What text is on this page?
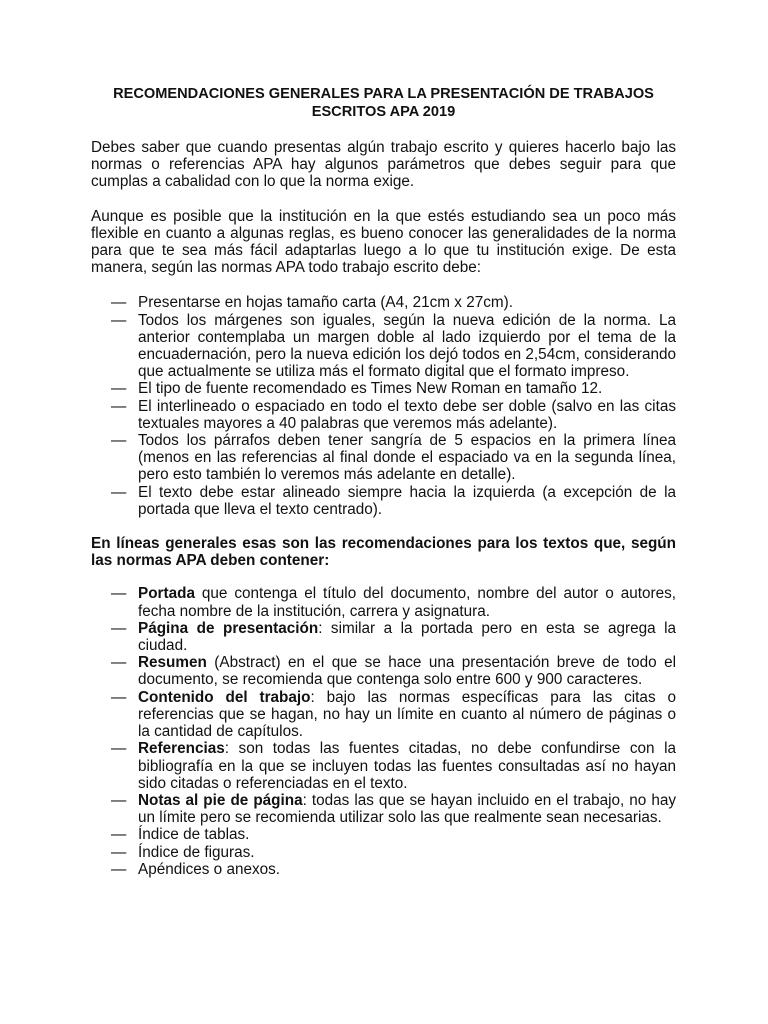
RECOMENDACIONES GENERALES PARA LA PRESENTACIÓN DE TRABAJOS
ESCRITOS APA 2019

Debes saber que cuando presentas algún trabajo escrito y quieres hacerlo bajo las normas o referencias APA hay algunos parámetros que debes seguir para que cumplas a cabalidad con lo que la norma exige.

Aunque es posible que la institución en la que estés estudiando sea un poco más flexible en cuanto a algunas reglas, es bueno conocer las generalidades de la norma para que te sea más fácil adaptarlas luego a lo que tu institución exige. De esta manera, según las normas APA todo trabajo escrito debe:

— Presentarse en hojas tamaño carta (A4, 21cm x 27cm).
— Todos los márgenes son iguales, según la nueva edición de la norma. La anterior contemplaba un margen doble al lado izquierdo por el tema de la encuadernación, pero la nueva edición los dejó todos en 2,54cm, considerando que actualmente se utiliza más el formato digital que el formato impreso.
— El tipo de fuente recomendado es Times New Roman en tamaño 12.
— El interlineado o espaciado en todo el texto debe ser doble (salvo en las citas textuales mayores a 40 palabras que veremos más adelante).
— Todos los párrafos deben tener sangría de 5 espacios en la primera línea (menos en las referencias al final donde el espaciado va en la segunda línea, pero esto también lo veremos más adelante en detalle).
— El texto debe estar alineado siempre hacia la izquierda (a excepción de la portada que lleva el texto centrado).

En líneas generales esas son las recomendaciones para los textos que, según las normas APA deben contener:

— Portada que contenga el título del documento, nombre del autor o autores, fecha nombre de la institución, carrera y asignatura.
— Página de presentación: similar a la portada pero en esta se agrega la ciudad.
— Resumen (Abstract) en el que se hace una presentación breve de todo el documento, se recomienda que contenga solo entre 600 y 900 caracteres.
— Contenido del trabajo: bajo las normas específicas para las citas o referencias que se hagan, no hay un límite en cuanto al número de páginas o la cantidad de capítulos.
— Referencias: son todas las fuentes citadas, no debe confundirse con la bibliografía en la que se incluyen todas las fuentes consultadas así no hayan sido citadas o referenciadas en el texto.
— Notas al pie de página: todas las que se hayan incluido en el trabajo, no hay un límite pero se recomienda utilizar solo las que realmente sean necesarias.
— Índice de tablas.
— Índice de figuras.
— Apéndices o anexos.
